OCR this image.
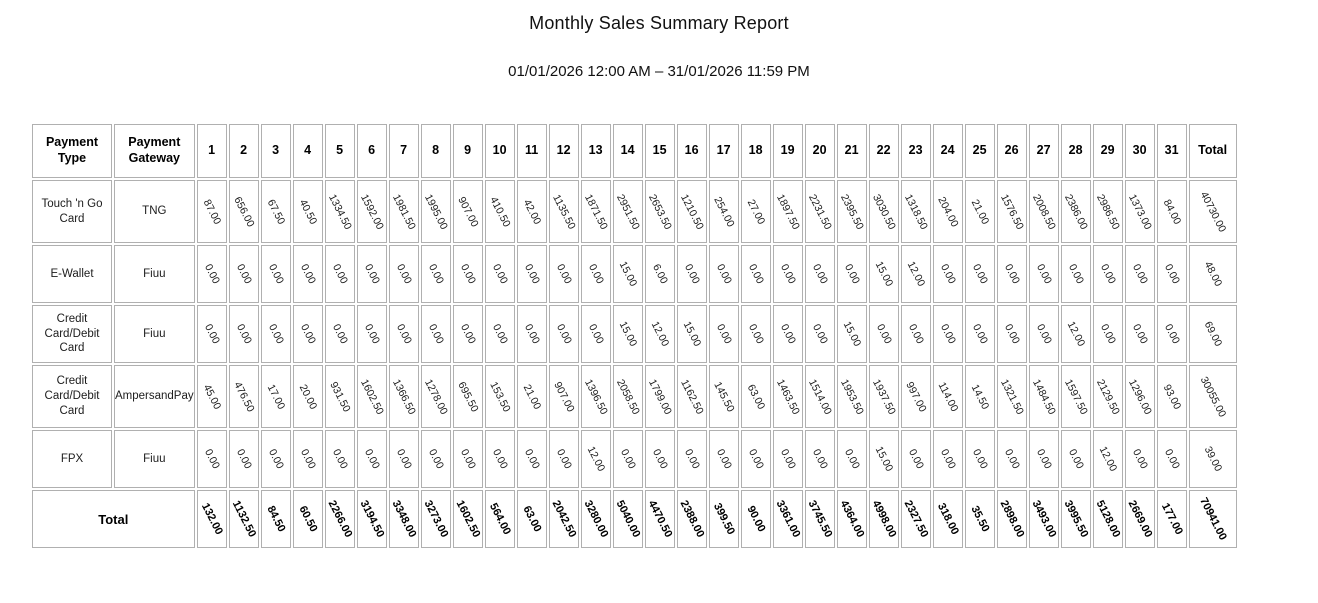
Monthly Sales Summary Report
01/01/2026 12:00 AM – 31/01/2026 11:59 PM
Payment Type	Payment Gateway	1	2	3	4	5	6	7	8	9	10	11	12	13	14	15	16	17	18	19	20	21	22	23	24	25	26	27	28	29	30	31	Total
Touch 'n Go Card	TNG	87.00	656.00	67.50	40.50	1334.50	1592.00	1981.50	1995.00	907.00	410.50	42.00	1135.50	1871.50	2951.50	2653.50	1210.50	254.00	27.00	1897.50	2231.50	2395.50	3030.50	1318.50	204.00	21.00	1576.50	2008.50	2386.00	2986.50	1373.00	84.00	40730.00

E-Wallet	Fiuu	0.00	0.00	0.00	0.00	0.00	0.00	0.00	0.00	0.00	0.00	0.00	0.00	0.00	15.00	6.00	0.00	0.00	0.00	0.00	0.00	0.00	15.00	12.00	0.00	0.00	0.00	0.00	0.00	0.00	0.00	0.00	48.00

Credit Card/Debit Card	Fiuu	0.00	0.00	0.00	0.00	0.00	0.00	0.00	0.00	0.00	0.00	0.00	0.00	0.00	15.00	12.00	15.00	0.00	0.00	0.00	0.00	15.00	0.00	0.00	0.00	0.00	0.00	0.00	12.00	0.00	0.00	0.00	69.00

Credit Card/Debit Card	AmpersandPay	45.00	476.50	17.00	20.00	931.50	1602.50	1366.50	1278.00	695.50	153.50	21.00	907.00	1396.50	2058.50	1799.00	1162.50	145.50	63.00	1463.50	1514.00	1953.50	1937.50	997.00	114.00	14.50	1321.50	1484.50	1597.50	2129.50	1296.00	93.00	30055.00

FPX	Fiuu	0.00	0.00	0.00	0.00	0.00	0.00	0.00	0.00	0.00	0.00	0.00	0.00	12.00	0.00	0.00	0.00	0.00	0.00	0.00	0.00	0.00	15.00	0.00	0.00	0.00	0.00	0.00	0.00	12.00	0.00	0.00	39.00

Total		132.00	1132.50	84.50	60.50	2266.00	3194.50	3348.00	3273.00	1602.50	564.00	63.00	2042.50	3280.00	5040.00	4470.50	2388.00	399.50	90.00	3361.00	3745.50	4364.00	4998.00	2327.50	318.00	35.50	2898.00	3493.00	3995.50	5128.00	2669.00	177.00	70941.00
